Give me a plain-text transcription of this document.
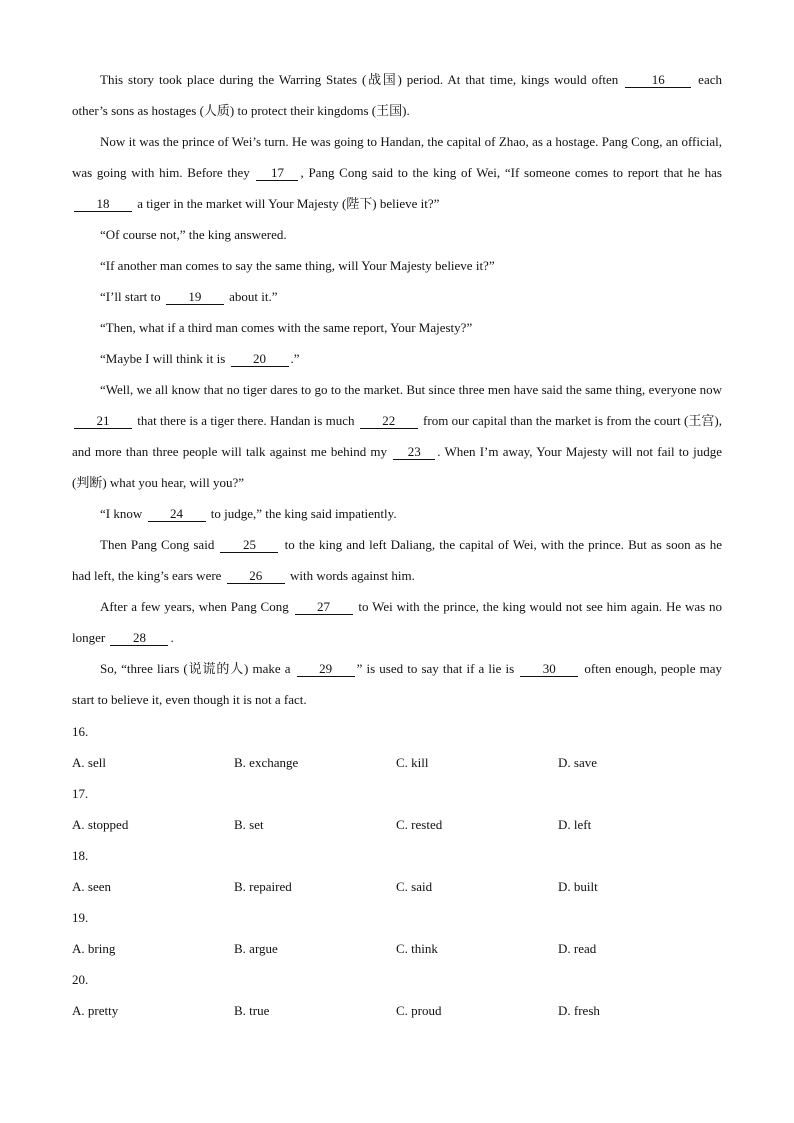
This story took place during the Warring States (战国) period. At that time, kings would often 16 each other’s sons as hostages (人质) to protect their kingdoms (王国).

Now it was the prince of Wei’s turn. He was going to Handan, the capital of Zhao, as a hostage. Pang Cong, an official, was going with him. Before they 17 , Pang Cong said to the king of Wei, “If someone comes to report that he has 18 a tiger in the market will Your Majesty (陛下) believe it?”

“Of course not,” the king answered.

“If another man comes to say the same thing, will Your Majesty believe it?”

“I’ll start to 19 about it.”

“Then, what if a third man comes with the same report, Your Majesty?”

“Maybe I will think it is 20 .”

“Well, we all know that no tiger dares to go to the market. But since three men have said the same thing, everyone now 21 that there is a tiger there. Handan is much 22 from our capital than the market is from the court (王宫), and more than three people will talk against me behind my 23 . When I’m away, Your Majesty will not fail to judge (判断) what you hear, will you?”

“I know 24 to judge,” the king said impatiently.

Then Pang Cong said 25 to the king and left Daliang, the capital of Wei, with the prince. But as soon as he had left, the king’s ears were 26 with words against him.

After a few years, when Pang Cong 27 to Wei with the prince, the king would not see him again. He was no longer 28 .

So, “three liars (说谎的人) make a 29 ” is used to say that if a lie is 30 often enough, people may start to believe it, even though it is not a fact.

16.

A. sell	B. exchange	C. kill	D. save

17.

A. stopped	B. set	C. rested	D. left

18.

A. seen	B. repaired	C. said	D. built

19.

A. bring	B. argue	C. think	D. read

20.

A. pretty	B. true	C. proud	D. fresh
